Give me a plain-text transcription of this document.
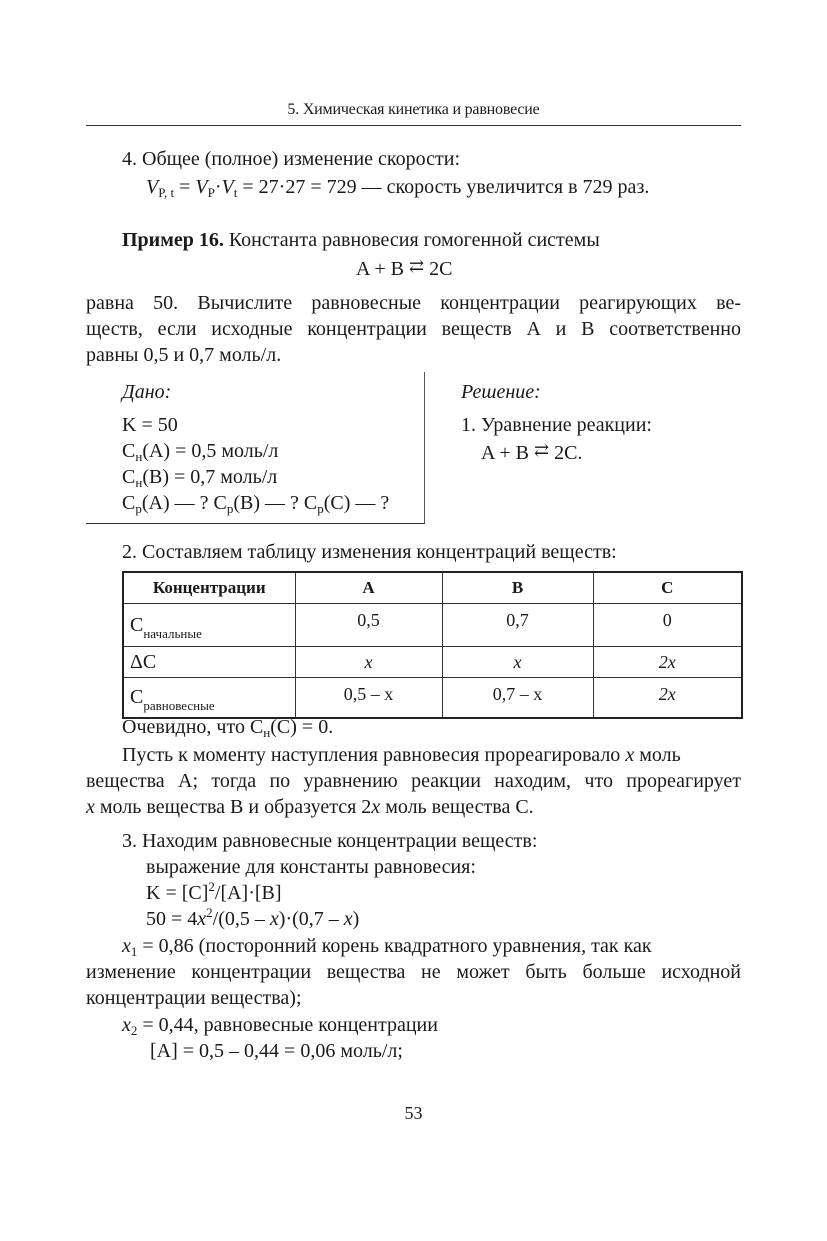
5. Химическая кинетика и равновесие
4. Общее (полное) изменение скорости:
$V_{P, t} = V_P\cdot V_t = 27\cdot 27 = 729$ — скорость увеличится в 729 раз.
Пример 16. Константа равновесия гомогенной системы
A + B ⇄ 2C
равна 50. Вычислите равновесные концентрации реагирующих ве-
ществ, если исходные концентрации веществ А и В соответственно
равны 0,5 и 0,7 моль/л.
Дано:
K = 50
$C_н(A) = 0,5$ моль/л
$C_н(B) = 0,7$ моль/л
$C_р(A)$ — ? $C_р(B)$ — ? $C_р(C)$ — ?
Решение:
1. Уравнение реакции:
A + B ⇄ 2C.
2. Составляем таблицу изменения концентраций веществ:
Концентрации	A	B	C
$C_{начальные}$	0,5	0,7	0
ΔC	x	x	2x
$C_{равновесные}$	0,5 – x	0,7 – x	2x
Очевидно, что $C_н(C) = 0$.
Пусть к моменту наступления равновесия прореагировало x моль
вещества А; тогда по уравнению реакции находим, что прореагирует
x моль вещества В и образуется 2x моль вещества С.
3. Находим равновесные концентрации веществ:
выражение для константы равновесия:
$K = [C]^2/[A]\cdot[B]$
$50 = 4x^2/(0,5 - x)\cdot(0,7 - x)$
$x_1 = 0,86$ (посторонний корень квадратного уравнения, так как
изменение концентрации вещества не может быть больше исходной
концентрации вещества);
$x_2 = 0,44$, равновесные концентрации
[A] = 0,5 – 0,44 = 0,06 моль/л;
53
